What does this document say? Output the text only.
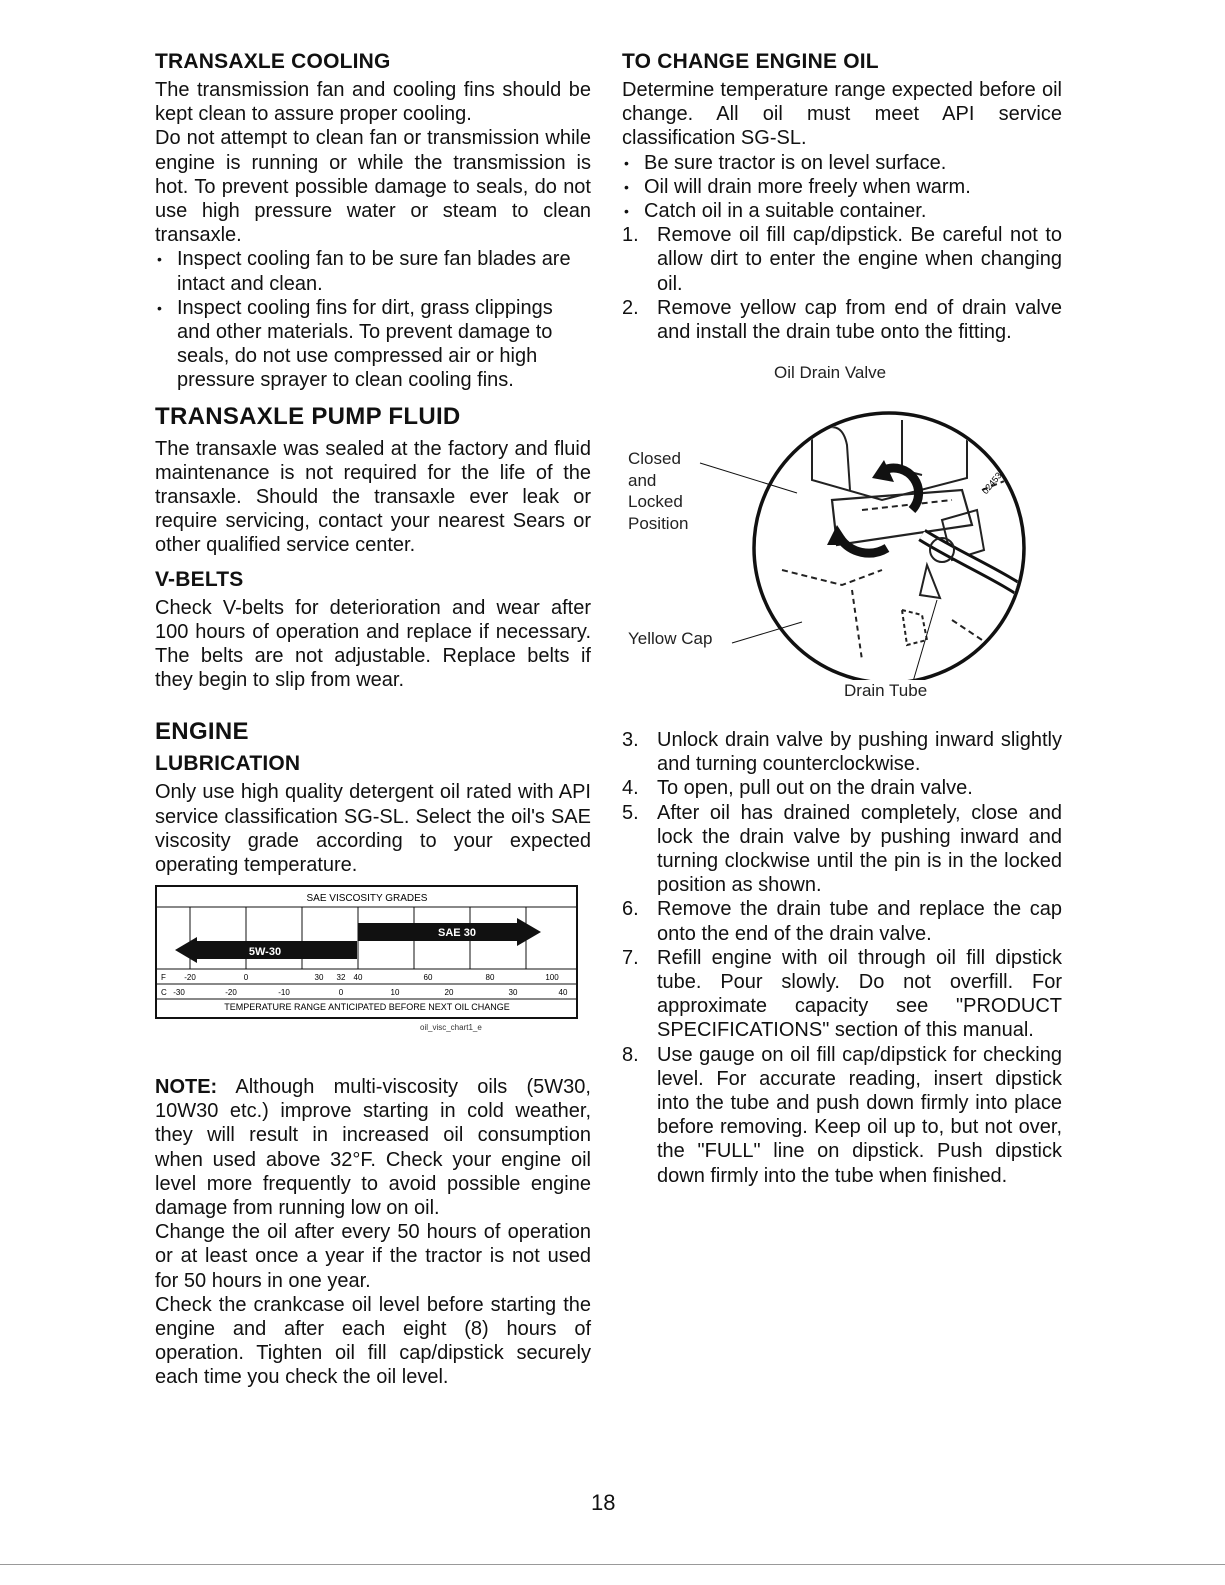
TRANSAXLE COOLING

The transmission fan and cooling fins should be kept clean to assure proper cooling.

Do not attempt to clean fan or transmission while engine is running or while the transmission is hot. To prevent possible damage to seals, do not use high pressure water or steam to clean transaxle.

• Inspect cooling fan to be sure fan blades are intact and clean.
• Inspect cooling fins for dirt, grass clippings and other materials. To prevent damage to seals, do not use compressed air or high pressure sprayer to clean cooling fins.
TRANSAXLE PUMP FLUID

The transaxle was sealed at the factory and fluid maintenance is not required for the life of the transaxle. Should the transaxle ever leak or require servicing, contact your nearest Sears or other qualified service center.

V-BELTS

Check V-belts for deterioration and wear after 100 hours of operation and replace if necessary. The belts are not adjustable. Replace belts if they begin to slip from wear.

ENGINE
LUBRICATION

Only use high quality detergent oil rated with API service classification SG-SL. Select the oil's SAE viscosity grade according to your expected operating temperature.

SAE VISCOSITY GRADES
5W-30
SAE 30
F -20	0	30 32 40	60	80	100
C -30	-20	-10	0	10	20	30	40
TEMPERATURE RANGE ANTICIPATED BEFORE NEXT OIL CHANGE
oil_visc_chart1_e

NOTE: Although multi-viscosity oils (5W30, 10W30 etc.) improve starting in cold weather, they will result in increased oil consumption when used above 32°F. Check your engine oil level more frequently to avoid possible engine damage from running low on oil.

Change the oil after every 50 hours of operation or at least once a year if the tractor is not used for 50 hours in one year.

Check the crankcase oil level before starting the engine and after each eight (8) hours of operation. Tighten oil fill cap/dipstick securely each time you check the oil level.

TO CHANGE ENGINE OIL

Determine temperature range expected before oil change. All oil must meet API service classification SG-SL.

• Be sure tractor is on level surface.
• Oil will drain more freely when warm.
• Catch oil in a suitable container.
1. Remove oil fill cap/dipstick. Be careful not to allow dirt to enter the engine when changing oil.
2. Remove yellow cap from end of drain valve and install the drain tube onto the fitting.
Oil Drain Valve
Closed
and
Locked
Position
Yellow Cap
Drain Tube
02453
3. Unlock drain valve by pushing inward slightly and turning counterclockwise.
4. To open, pull out on the drain valve.
5. After oil has drained completely, close and lock the drain valve by pushing inward and turning clockwise until the pin is in the locked position as shown.
6. Remove the drain tube and replace the cap onto the end of the drain valve.
7. Refill engine with oil through oil fill dipstick tube. Pour slowly. Do not overfill. For approximate capacity see "PRODUCT SPECIFICATIONS" section of this manual.
8. Use gauge on oil fill cap/dipstick for checking level. For accurate reading, insert dipstick into the tube and push down firmly into place before removing. Keep oil up to, but not over, the "FULL" line on dipstick. Push dipstick down firmly into the tube when finished.
18
